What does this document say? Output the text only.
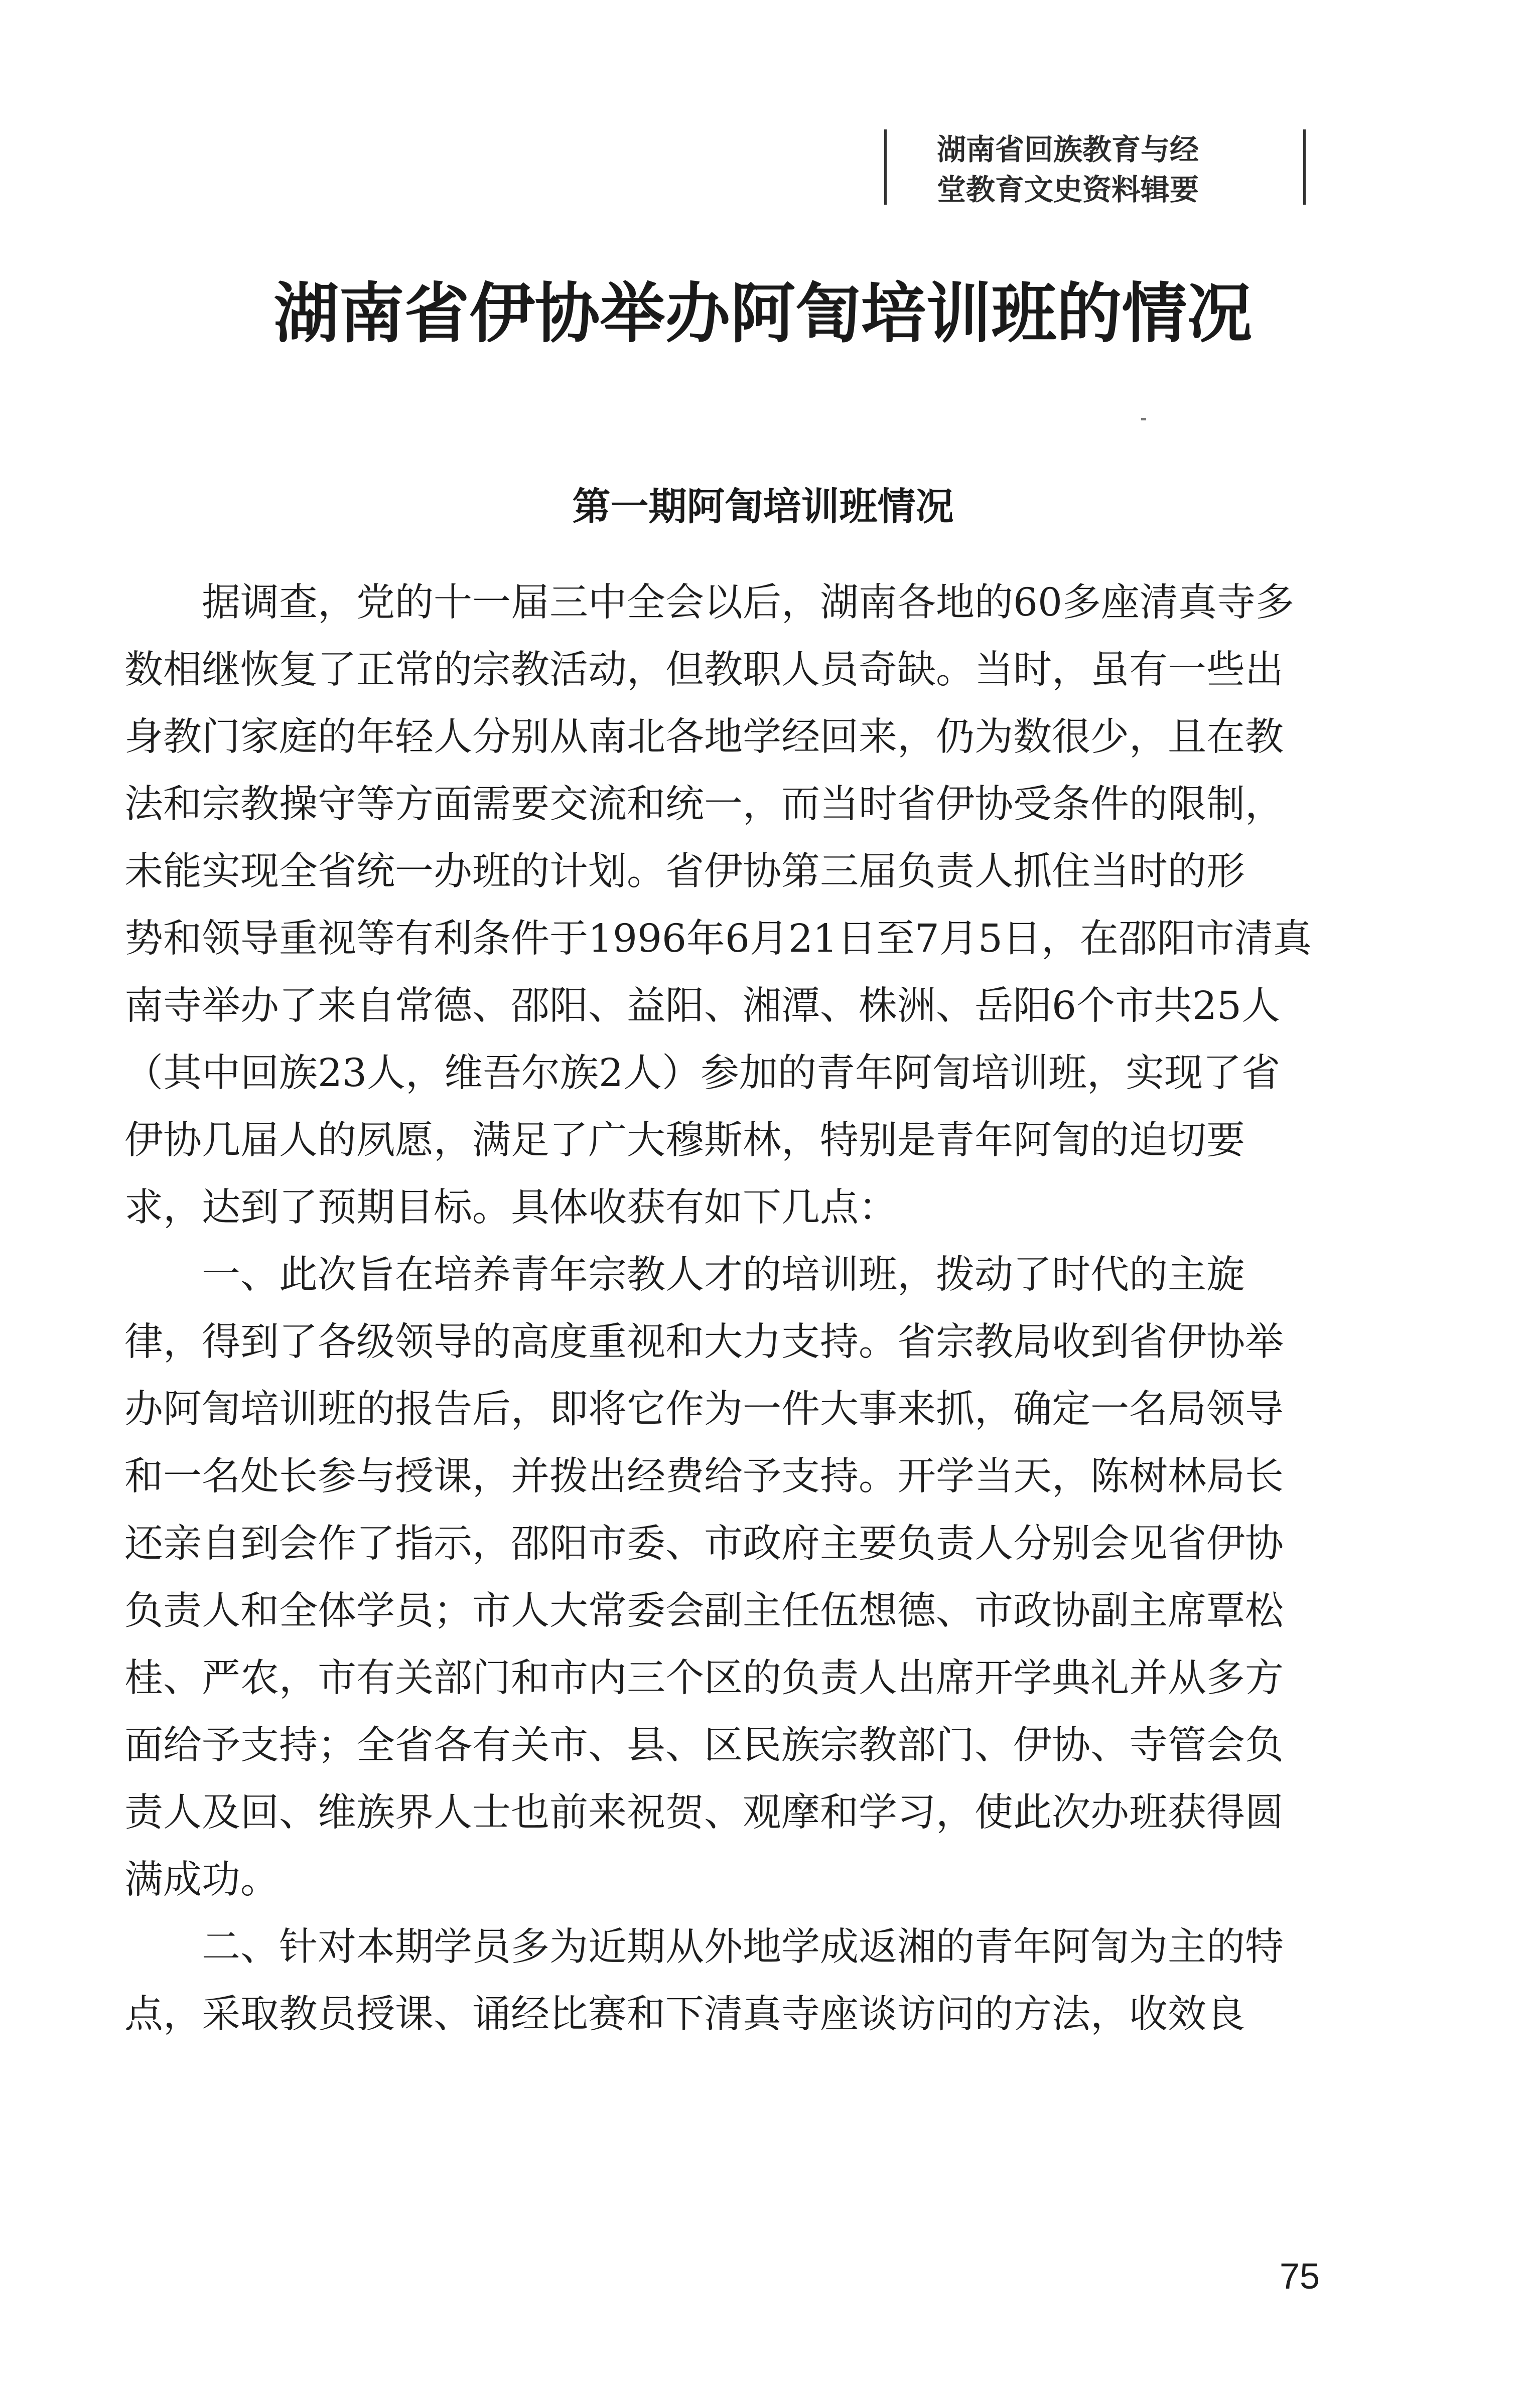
湖南省回族教育与经
堂教育文史资料辑要
湖南省伊协举办阿訇培训班的情况
第一期阿訇培训班情况
　　据调查，党的十一届三中全会以后，湖南各地的60多座清真寺多
数相继恢复了正常的宗教活动，但教职人员奇缺。当时，虽有一些出
身教门家庭的年轻人分别从南北各地学经回来，仍为数很少，且在教
法和宗教操守等方面需要交流和统一，而当时省伊协受条件的限制，
未能实现全省统一办班的计划。省伊协第三届负责人抓住当时的形
势和领导重视等有利条件于1996年6月21日至7月5日，在邵阳市清真
南寺举办了来自常德、邵阳、益阳、湘潭、株洲、岳阳6个市共25人
（其中回族23人，维吾尔族2人）参加的青年阿訇培训班，实现了省
伊协几届人的夙愿，满足了广大穆斯林，特别是青年阿訇的迫切要
求，达到了预期目标。具体收获有如下几点：
　　一、此次旨在培养青年宗教人才的培训班，拨动了时代的主旋
律，得到了各级领导的高度重视和大力支持。省宗教局收到省伊协举
办阿訇培训班的报告后，即将它作为一件大事来抓，确定一名局领导
和一名处长参与授课，并拨出经费给予支持。开学当天，陈树林局长
还亲自到会作了指示，邵阳市委、市政府主要负责人分别会见省伊协
负责人和全体学员；市人大常委会副主任伍想德、市政协副主席覃松
桂、严农，市有关部门和市内三个区的负责人出席开学典礼并从多方
面给予支持；全省各有关市、县、区民族宗教部门、伊协、寺管会负
责人及回、维族界人士也前来祝贺、观摩和学习，使此次办班获得圆
满成功。
　　二、针对本期学员多为近期从外地学成返湘的青年阿訇为主的特
点，采取教员授课、诵经比赛和下清真寺座谈访问的方法，收效良
75
